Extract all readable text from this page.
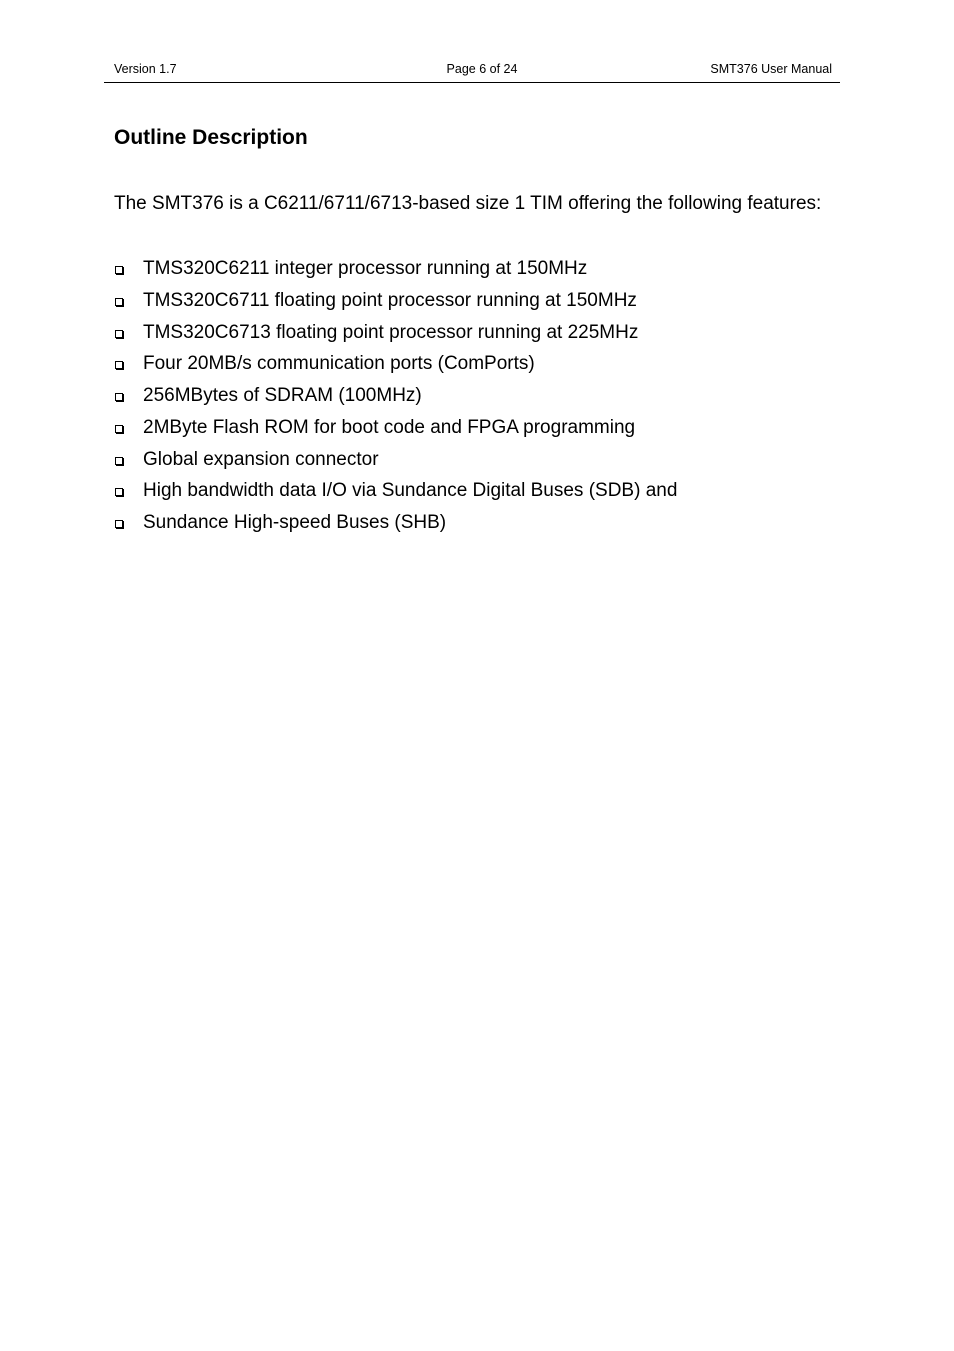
Version 1.7	Page 6 of 24	SMT376 User Manual
Outline Description

The SMT376 is a C6211/6711/6713-based size 1 TIM offering the following features:

TMS320C6211 integer processor running at 150MHz
TMS320C6711 floating point processor running at 150MHz
TMS320C6713 floating point processor running at 225MHz
Four 20MB/s communication ports (ComPorts)
256MBytes of SDRAM (100MHz)
2MByte Flash ROM for boot code and FPGA programming
Global expansion connector
High bandwidth data I/O via Sundance Digital Buses (SDB) and
Sundance High-speed Buses (SHB)
